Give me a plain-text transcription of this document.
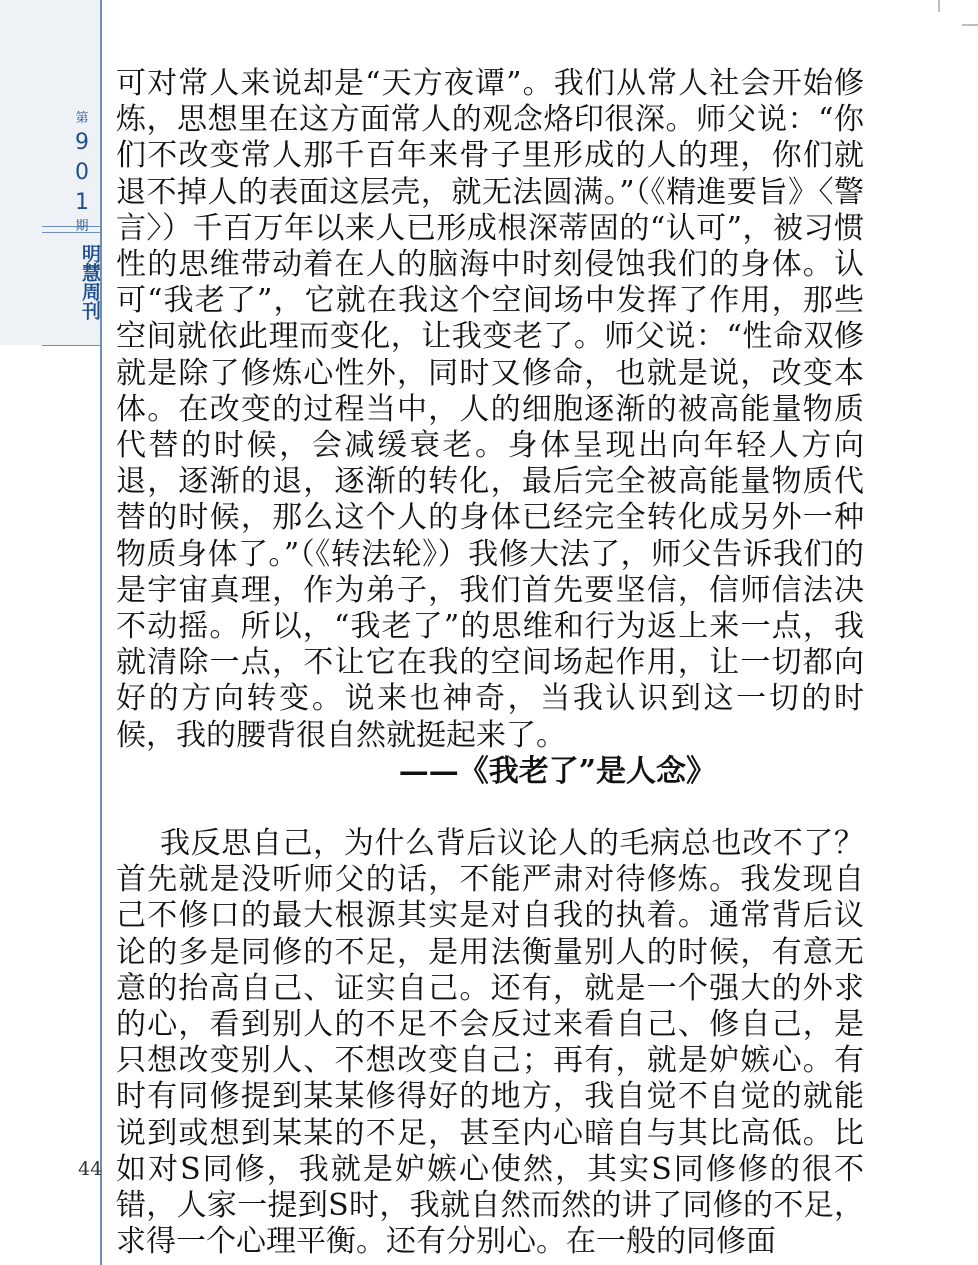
第
9
0
1
期
明慧周刊

可对常人来说却是“天方夜谭”。我们从常人社会开始修炼，思想里在这方面常人的观念烙印很深。师父说：“你们不改变常人那千百年来骨子里形成的人的理，你们就退不掉人的表面这层壳，就无法圆满。”（《精進要旨》〈警言〉）千百万年以来人已形成根深蒂固的“认可”，被习惯性的思维带动着在人的脑海中时刻侵蚀我们的身体。认可“我老了”，它就在我这个空间场中发挥了作用，那些空间就依此理而变化，让我变老了。师父说：“性命双修就是除了修炼心性外，同时又修命，也就是说，改变本体。在改变的过程当中，人的细胞逐渐的被高能量物质代替的时候，会减缓衰老。身体呈现出向年轻人方向退，逐渐的退，逐渐的转化，最后完全被高能量物质代替的时候，那么这个人的身体已经完全转化成另外一种物质身体了。”（《转法轮》）我修大法了，师父告诉我们的是宇宙真理，作为弟子，我们首先要坚信，信师信法决不动摇。所以，“我老了”的思维和行为返上来一点，我就清除一点，不让它在我的空间场起作用，让一切都向好的方向转变。说来也神奇，当我认识到这一切的时候，我的腰背很自然就挺起来了。

——《我老了”是人念》

我反思自己，为什么背后议论人的毛病总也改不了？首先就是没听师父的话，不能严肃对待修炼。我发现自己不修口的最大根源其实是对自我的执着。通常背后议论的多是同修的不足，是用法衡量别人的时候，有意无意的抬高自己、证实自己。还有，就是一个强大的外求的心，看到别人的不足不会反过来看自己、修自己，是只想改变别人、不想改变自己；再有，就是妒嫉心。有时有同修提到某某修得好的地方，我自觉不自觉的就能说到或想到某某的不足，甚至内心暗自与其比高低。比如对S同修，我就是妒嫉心使然，其实S同修修的很不错，人家一提到S时，我就自然而然的讲了同修的不足，求得一个心理平衡。还有分别心。在一般的同修面

44
